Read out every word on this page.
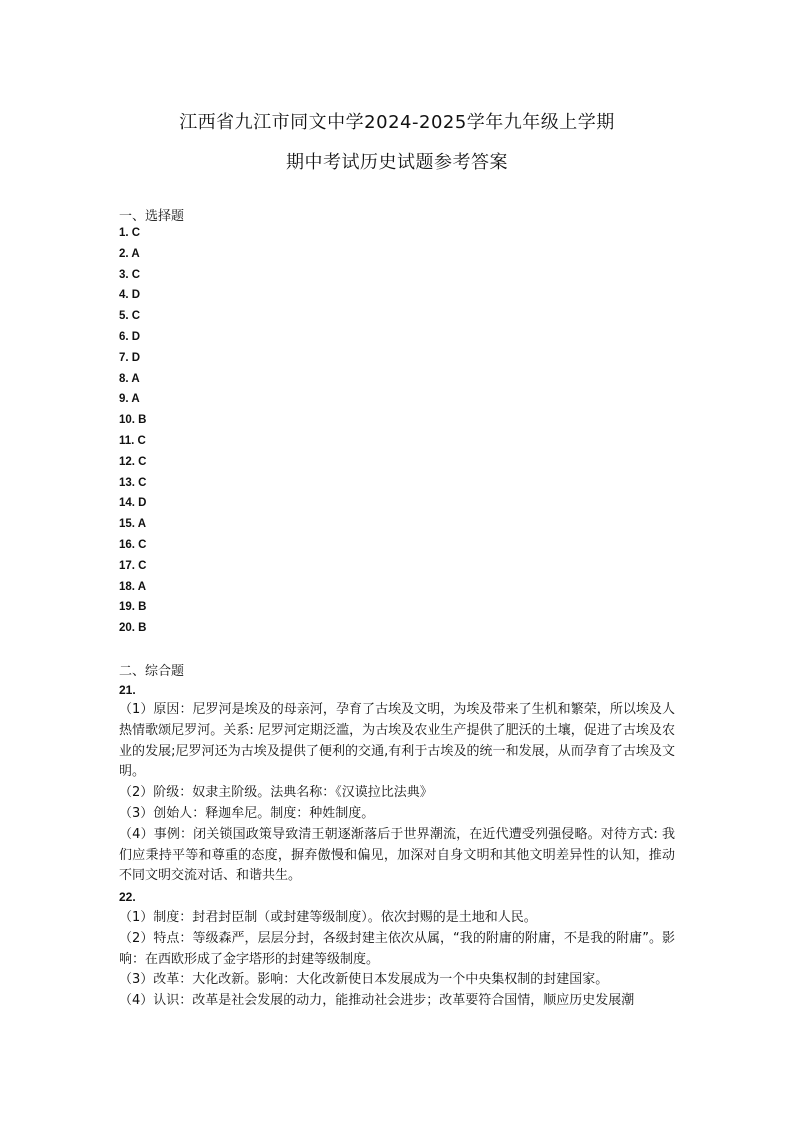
江西省九江市同文中学2024-2025学年九年级上学期
期中考试历史试题参考答案
一、选择题
1. C
2. A
3. C
4. D
5. C
6. D
7. D
8. A
9. A
10. B
11. C
12. C
13. C
14. D
15. A
16. C
17. C
18. A
19. B
20. B
二、综合题
21.

（1）原因：尼罗河是埃及的母亲河，孕育了古埃及文明，为埃及带来了生机和繁荣，所以埃及人热情歌颂尼罗河。关系: 尼罗河定期泛滥，为古埃及农业生产提供了肥沃的土壤，促进了古埃及农业的发展;尼罗河还为古埃及提供了便利的交通,有利于古埃及的统一和发展，从而孕育了古埃及文明。

（2）阶级：奴隶主阶级。法典名称：《汉谟拉比法典》

（3）创始人：释迦牟尼。制度：种姓制度。

（4）事例：闭关锁国政策导致清王朝逐渐落后于世界潮流，在近代遭受列强侵略。对待方式: 我们应秉持平等和尊重的态度，摒弃傲慢和偏见，加深对自身文明和其他文明差异性的认知，推动不同文明交流对话、和谐共生。

22.

（1）制度：封君封臣制（或封建等级制度）。依次封赐的是土地和人民。

（2）特点：等级森严，层层分封，各级封建主依次从属，“我的附庸的附庸，不是我的附庸”。影响：在西欧形成了金字塔形的封建等级制度。

（3）改革：大化改新。影响：大化改新使日本发展成为一个中央集权制的封建国家。

（4）认识：改革是社会发展的动力，能推动社会进步；改革要符合国情，顺应历史发展潮
